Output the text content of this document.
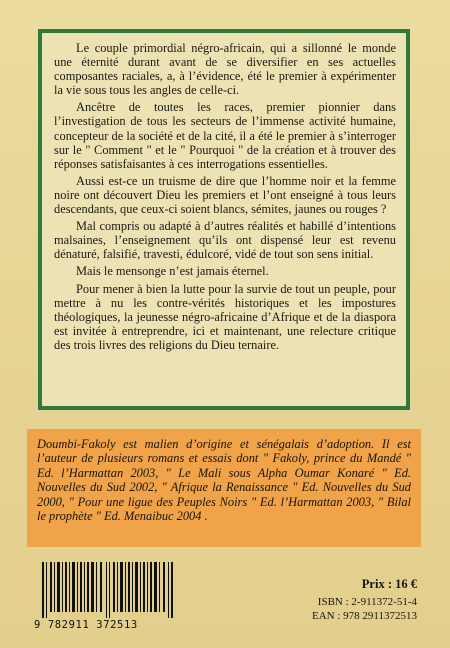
Le couple primordial négro-africain, qui a sillonné le monde une éternité durant avant de se diversifier en ses actuelles composantes raciales, a, à l’évidence, été le premier à expérimenter la vie sous tous les angles de celle-ci.

Ancêtre de toutes les races, premier pionnier dans l’investigation de tous les secteurs de l’immense activité humaine, concepteur de la société et de la cité, il a été le premier à s’interroger sur le " Comment " et le " Pourquoi " de la création et à trouver des réponses satisfaisantes à ces interrogations essentielles.

Aussi est-ce un truisme de dire que l’homme noir et la femme noire ont découvert Dieu les premiers et l’ont enseigné à tous leurs descendants, que ceux-ci soient blancs, sémites, jaunes ou rouges ?

Mal compris ou adapté à d’autres réalités et habillé d’intentions malsaines, l’enseignement qu’ils ont dispensé leur est revenu dénaturé, falsifié, travesti, édulcoré, vidé de tout son sens initial.

Mais le mensonge n’est jamais éternel.

Pour mener à bien la lutte pour la survie de tout un peuple, pour mettre à nu les contre-vérités historiques et les impostures théologiques, la jeunesse négro-africaine d’Afrique et de la diaspora est invitée à entreprendre, ici et maintenant, une relecture critique des trois livres des religions du Dieu ternaire.

Doumbi-Fakoly est malien d’origine et sénégalais d’adoption. Il est l’auteur de plusieurs romans et essais dont " Fakoly, prince du Mandé " Ed. l’Harmattan 2003, " Le Mali sous Alpha Oumar Konaré " Ed. Nouvelles du Sud 2002, " Afrique la Renaissance " Ed. Nouvelles du Sud 2000, " Pour une ligue des Peuples Noirs " Ed. l’Harmattan 2003, " Bilal le prophète " Ed. Menaibuc 2004 .

9 782911 372513
Prix : 16 €
ISBN : 2-911372-51-4
EAN : 978 2911372513
